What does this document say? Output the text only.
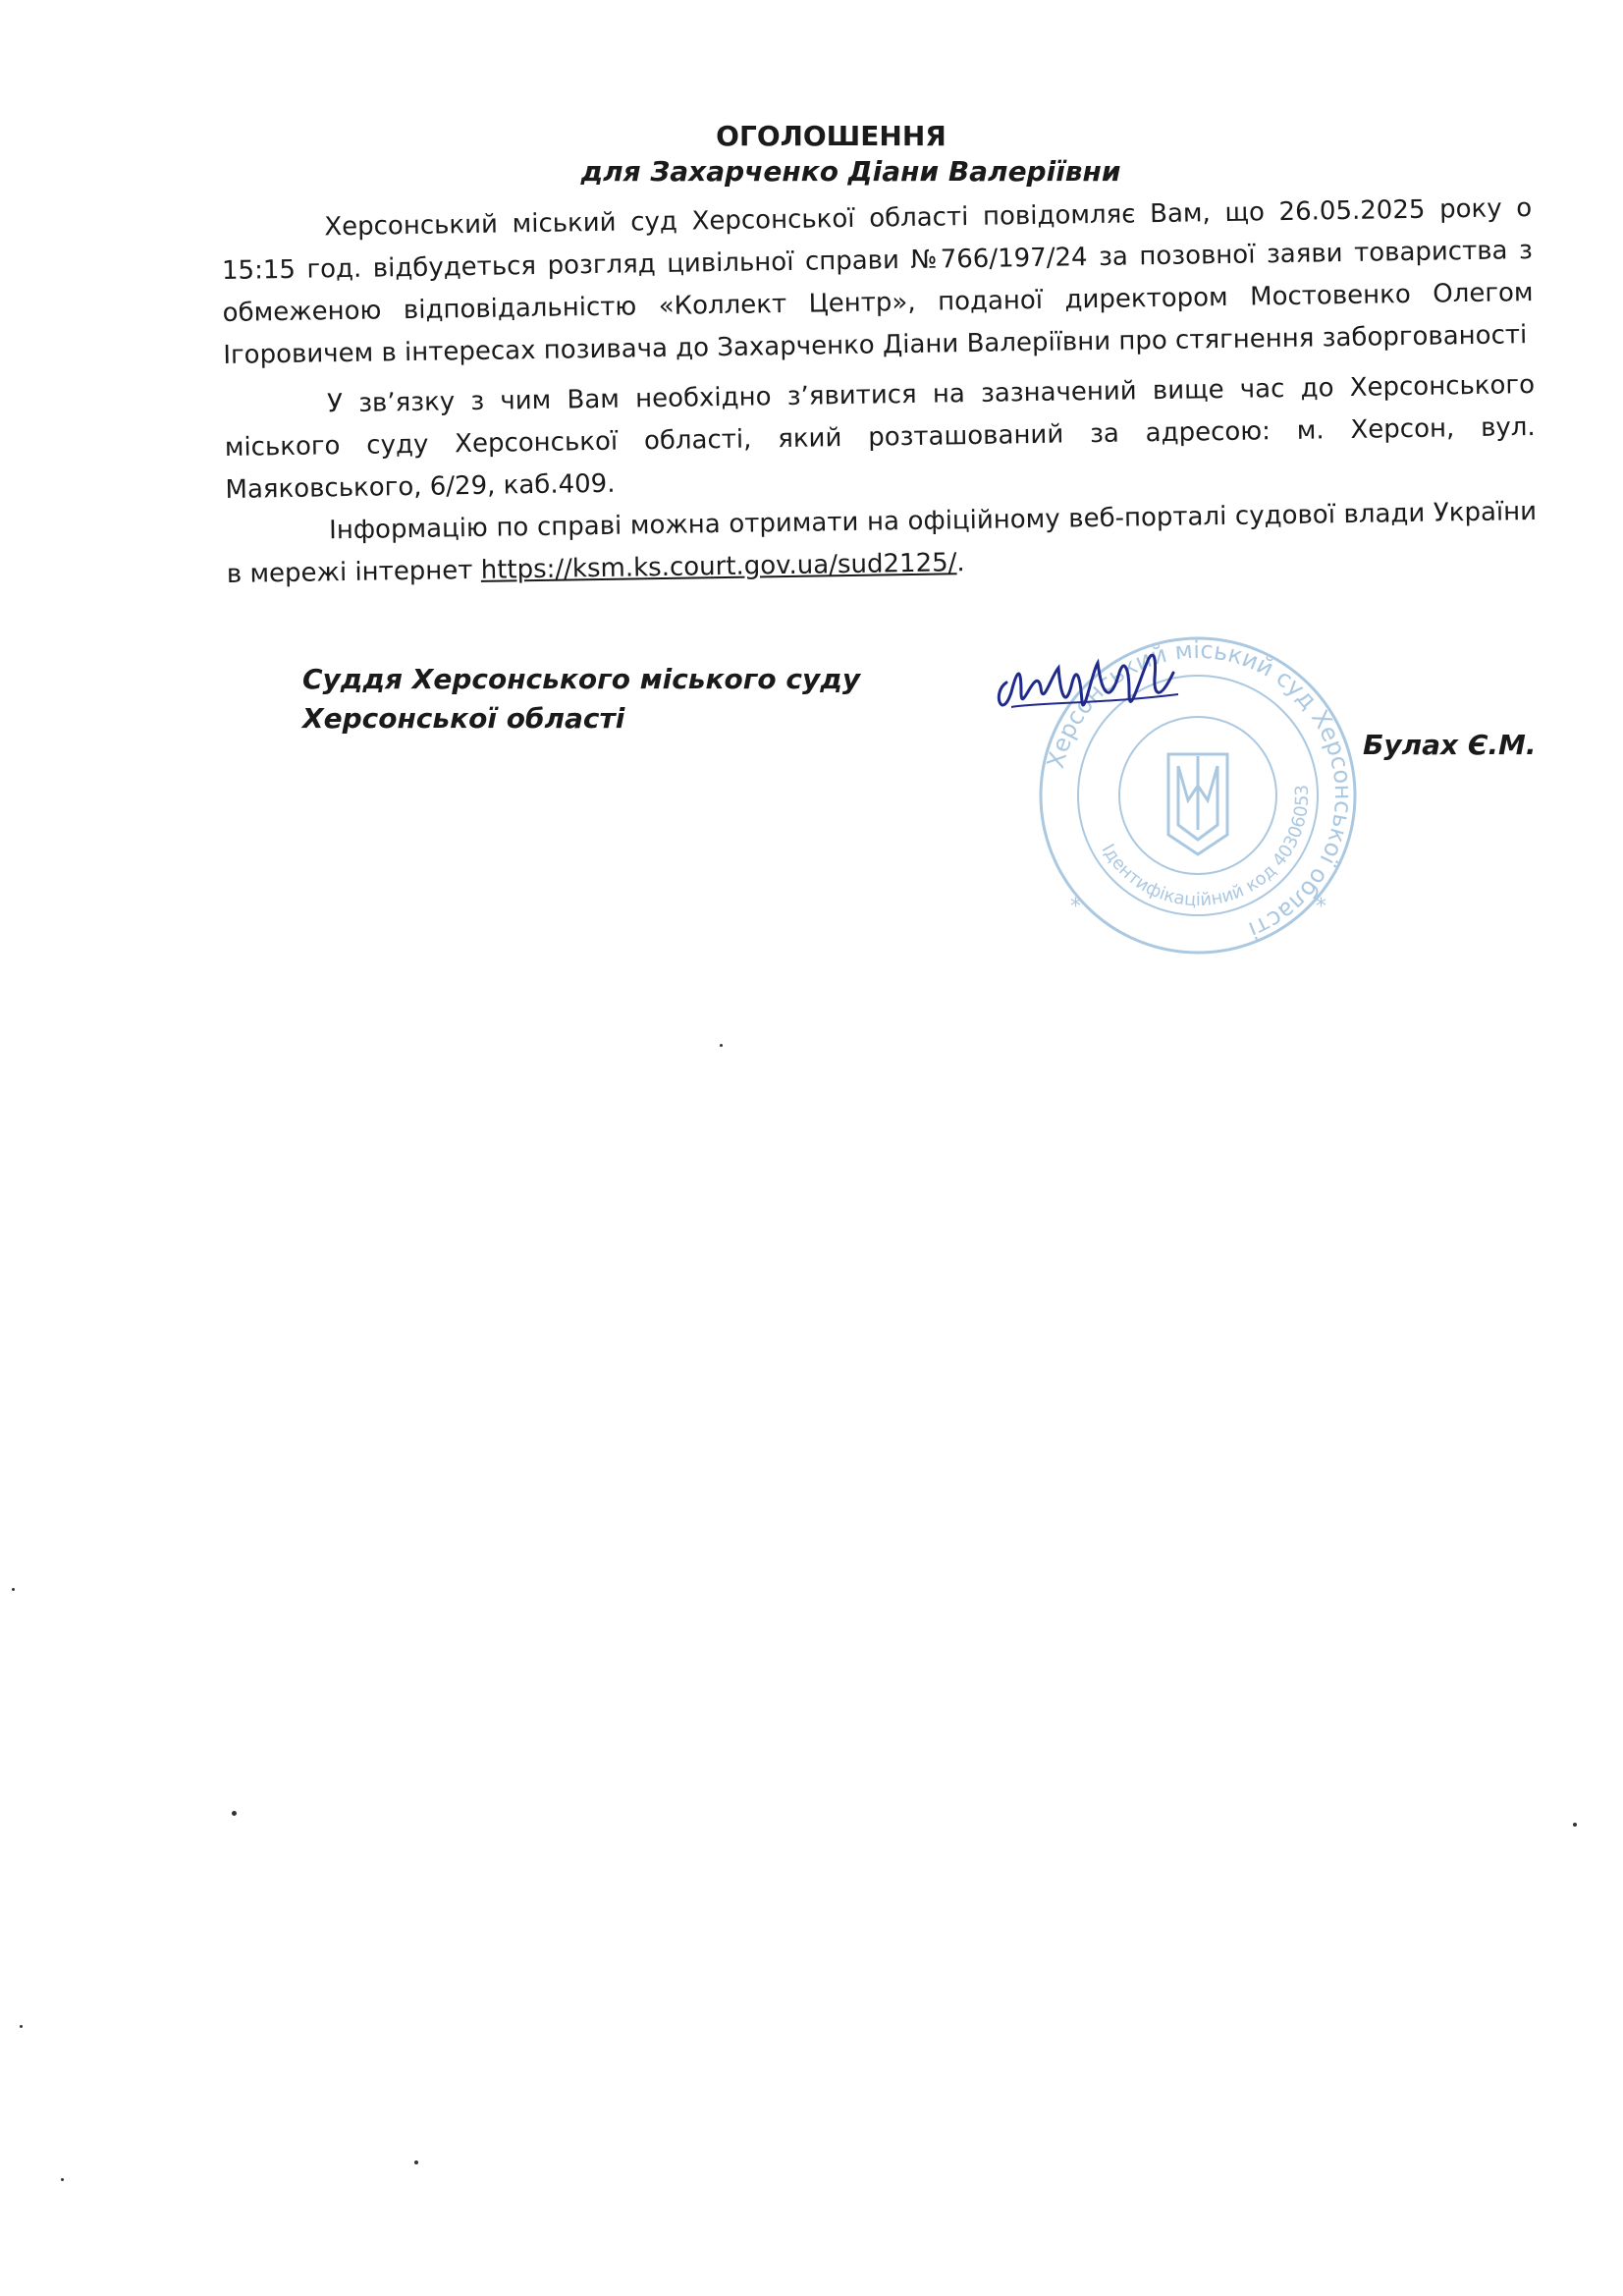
ОГОЛОШЕННЯ
для Захарченко Діани Валеріївни

Херсонський міський суд Херсонської області повідомляє Вам, що 26.05.2025 року о 15:15 год. відбудеться розгляд цивільної справи №766/197/24 за позовної заяви товариства з обмеженою відповідальністю «Коллект Центр», поданої директором Мостовенко Олегом Ігоровичем в інтересах позивача до Захарченко Діани Валеріївни про стягнення заборгованості

У зв’язку з чим Вам необхідно з’явитися на зазначений вище час до Херсонського міського суду Херсонської області, який розташований за адресою: м. Херсон, вул. Маяковського, 6/29, каб.409.

Інформацію по справі можна отримати на офіційному веб-порталі судової влади України в мережі інтернет https://ksm.ks.court.gov.ua/sud2125/.

Суддя Херсонського міського суду
Херсонської області
Херсонський міський суд Херсонської області
Ідентифікаційний код 40306053
*	*
Булах Є.М.
